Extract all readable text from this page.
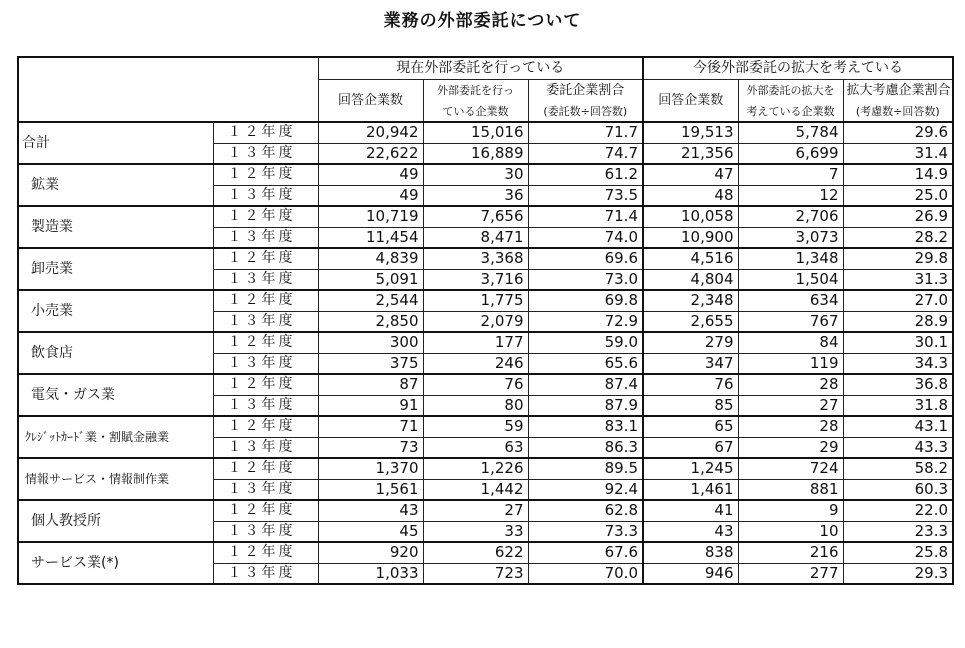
業務の外部委託について
		現在外部委託を行っている			今後外部委託の拡大を考えている		
		回答企業数	外部委託を行っ	委託企業割合	回答企業数	外部委託の拡大を	拡大考慮企業割合
			ている企業数	(委託数÷回答数)		考えている企業数	(考慮数÷回答数)
合計	１２年度	20,942	15,016	71.7	19,513	5,784	29.6
	１３年度	22,622	16,889	74.7	21,356	6,699	31.4
鉱業	１２年度	49	30	61.2	47	7	14.9
	１３年度	49	36	73.5	48	12	25.0
製造業	１２年度	10,719	7,656	71.4	10,058	2,706	26.9
	１３年度	11,454	8,471	74.0	10,900	3,073	28.2
卸売業	１２年度	4,839	3,368	69.6	4,516	1,348	29.8
	１３年度	5,091	3,716	73.0	4,804	1,504	31.3
小売業	１２年度	2,544	1,775	69.8	2,348	634	27.0
	１３年度	2,850	2,079	72.9	2,655	767	28.9
飲食店	１２年度	300	177	59.0	279	84	30.1
	１３年度	375	246	65.6	347	119	34.3
電気・ガス業	１２年度	87	76	87.4	76	28	36.8
	１３年度	91	80	87.9	85	27	31.8
ｸﾚｼﾞｯﾄｶｰﾄﾞ業・割賦金融業	１２年度	71	59	83.1	65	28	43.1
	１３年度	73	63	86.3	67	29	43.3
情報サービス・情報制作業	１２年度	1,370	1,226	89.5	1,245	724	58.2
	１３年度	1,561	1,442	92.4	1,461	881	60.3
個人教授所	１２年度	43	27	62.8	41	9	22.0
	１３年度	45	33	73.3	43	10	23.3
サービス業(*)	１２年度	920	622	67.6	838	216	25.8
	１３年度	1,033	723	70.0	946	277	29.3
